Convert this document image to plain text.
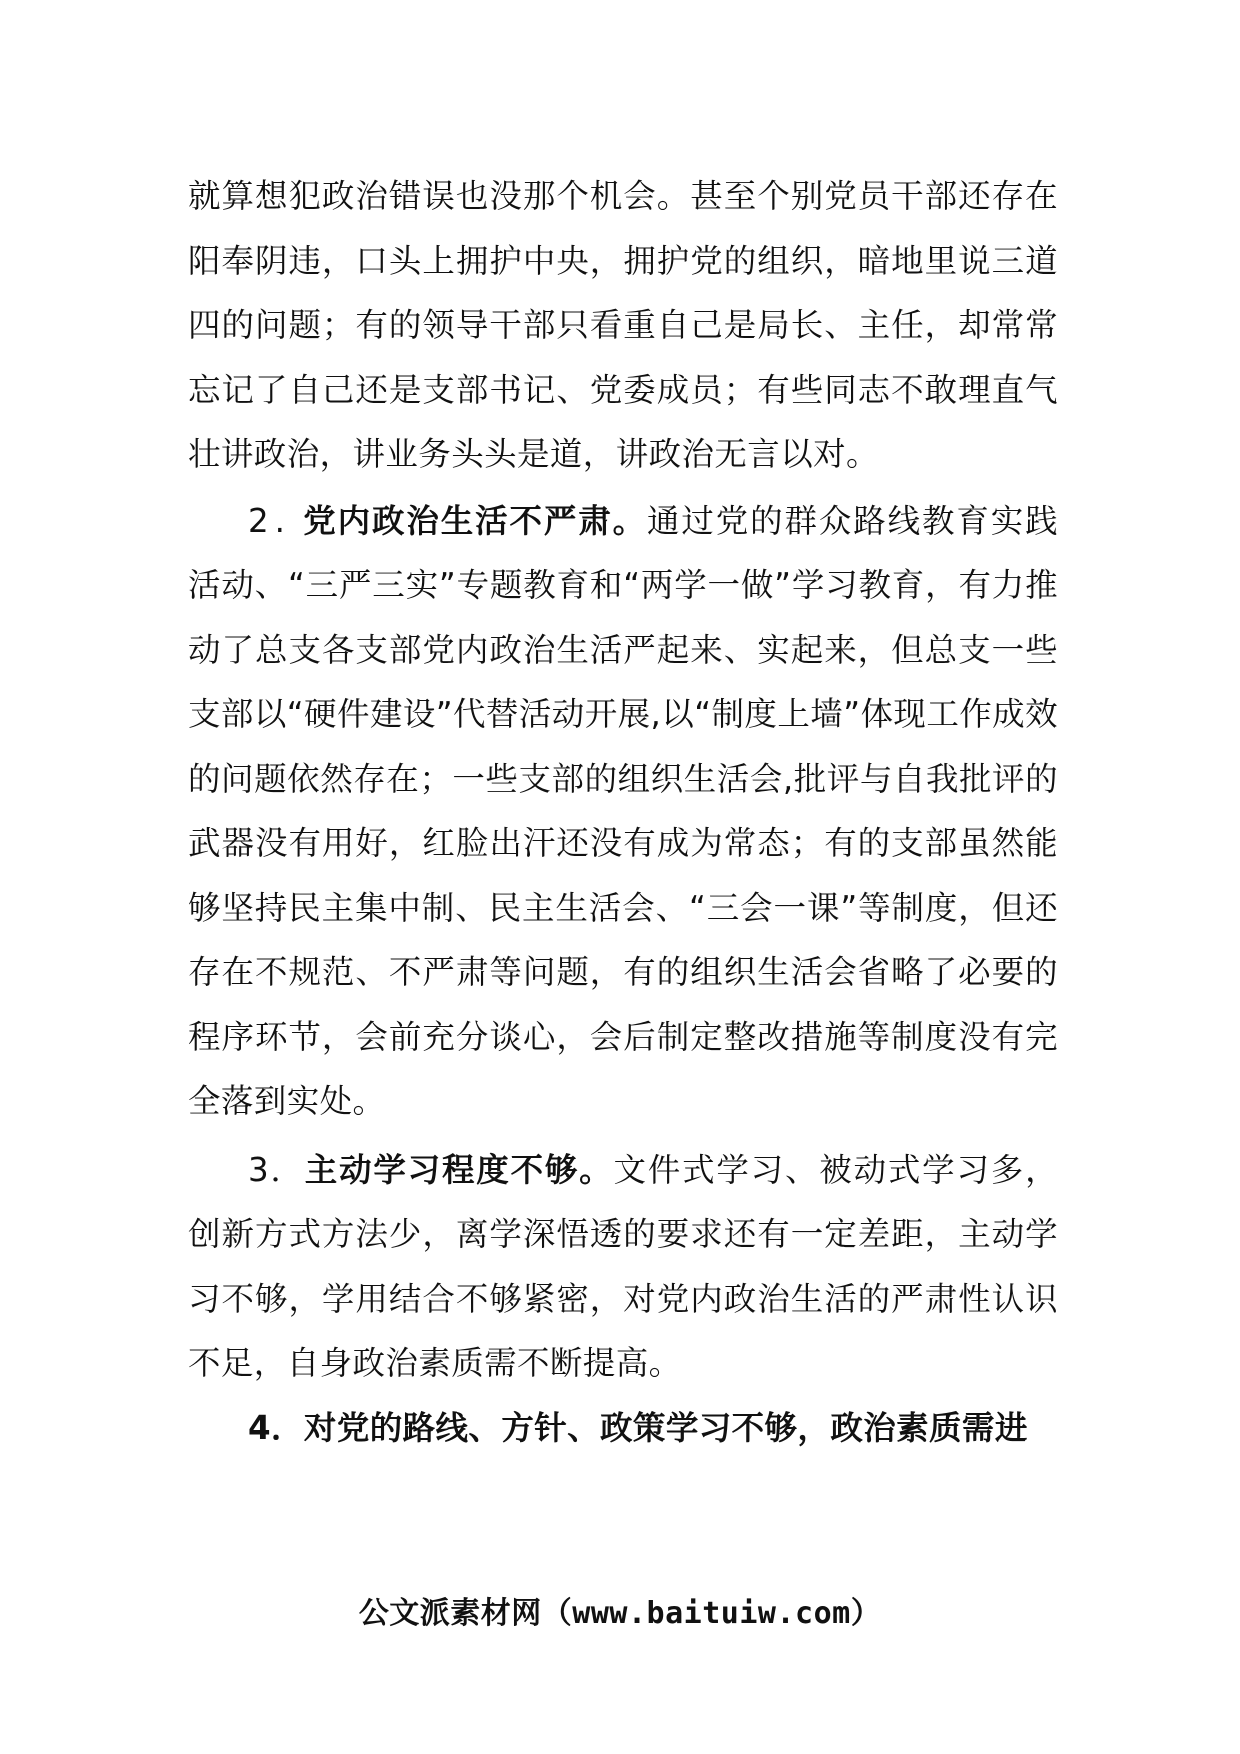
就算想犯政治错误也没那个机会。甚至个别党员干部还存在阳奉阴违，口头上拥护中央，拥护党的组织，暗地里说三道四的问题；有的领导干部只看重自己是局长、主任，却常常忘记了自己还是支部书记、党委成员；有些同志不敢理直气壮讲政治，讲业务头头是道，讲政治无言以对。

2. 党内政治生活不严肃。通过党的群众路线教育实践活动、“三严三实”专题教育和“两学一做”学习教育，有力推动了总支各支部党内政治生活严起来、实起来，但总支一些支部以“硬件建设”代替活动开展,以“制度上墙”体现工作成效的问题依然存在；一些支部的组织生活会,批评与自我批评的武器没有用好，红脸出汗还没有成为常态；有的支部虽然能够坚持民主集中制、民主生活会、“三会一课”等制度，但还存在不规范、不严肃等问题，有的组织生活会省略了必要的程序环节，会前充分谈心，会后制定整改措施等制度没有完全落到实处。

3．主动学习程度不够。文件式学习、被动式学习多，创新方式方法少，离学深悟透的要求还有一定差距，主动学习不够，学用结合不够紧密，对党内政治生活的严肃性认识不足，自身政治素质需不断提高。

4．对党的路线、方针、政策学习不够，政治素质需进

公文派素材网（www.baituiw.com）
